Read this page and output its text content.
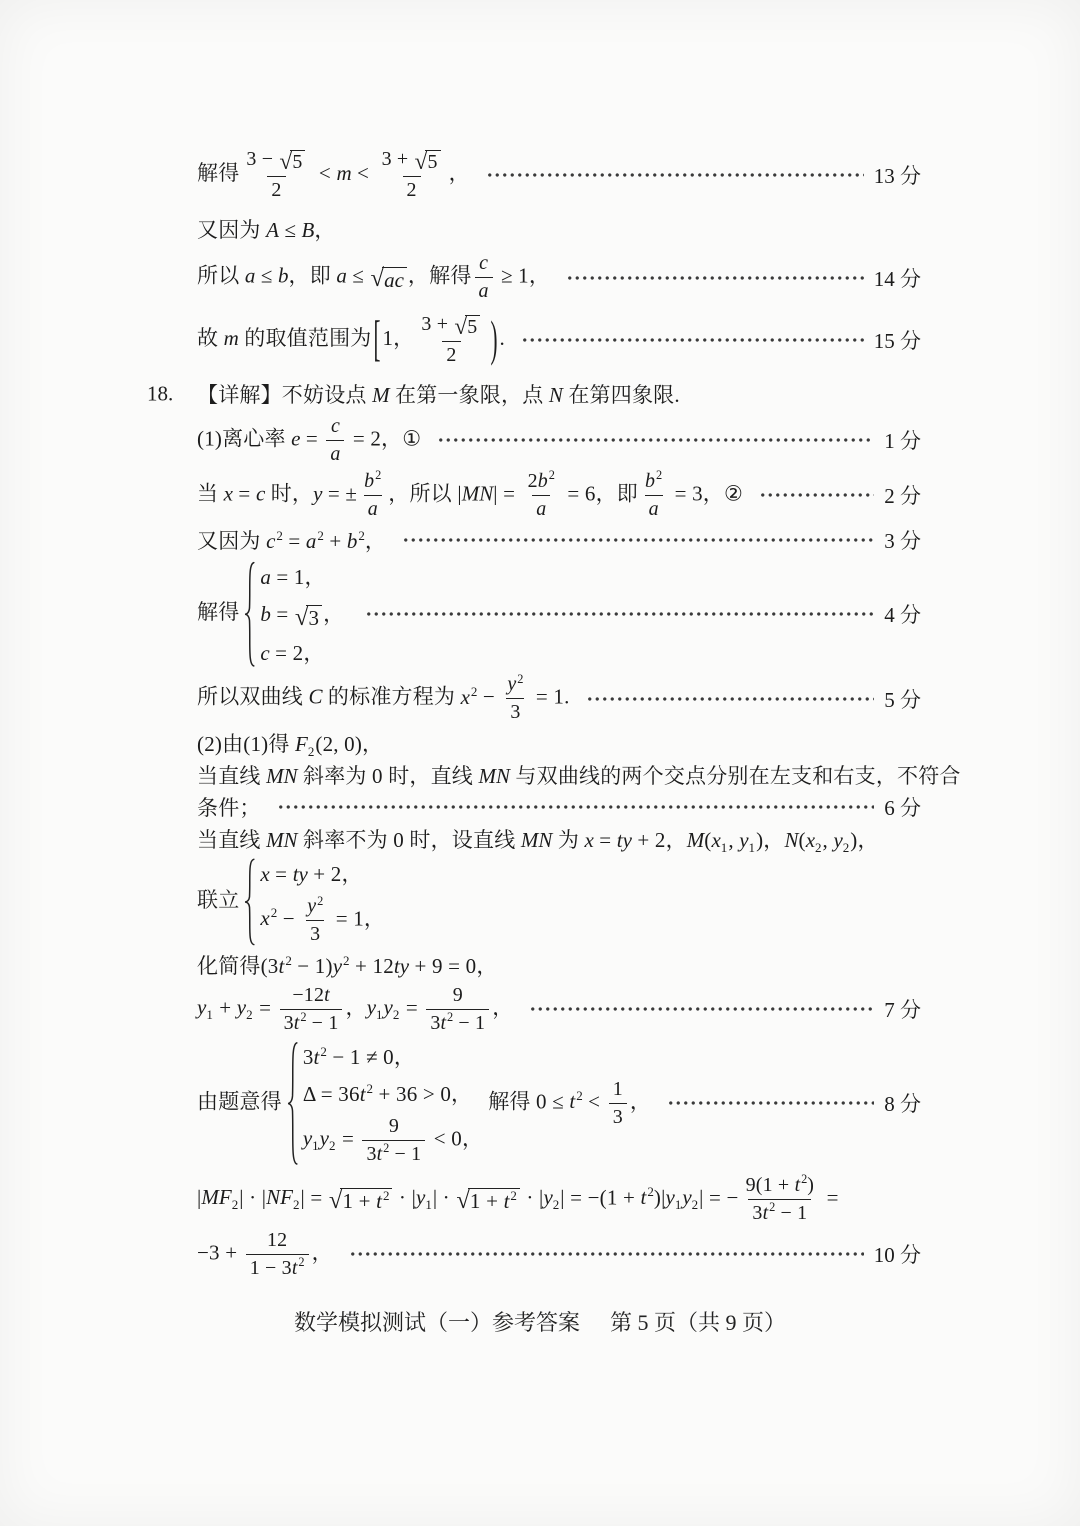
解得 $\frac{3 - √ 5}{2} < m < \frac{3 + √ 5}{2}$ ，	13 分
又因为 A ≤ B，
所以 a ≤ b，即 a ≤ √ ac ，解得 $\frac{c}{a} \ge 1$，	14 分
故 m 的取值范围为[1， $\frac{3 + √ 5}{2}$ ).	15 分
18. 【详解】不妨设点 M 在第一象限，点 N 在第四象限.
(1)离心率 $e = \frac{c}{a} = 2$，①	1 分
当 x = c 时，y = ± $\frac{b^2}{a}$ ，所以 $|MN| = \frac{2b^2}{a} = 6$，即 $\frac{b^2}{a} = 3$，②	2 分
又因为 $c^2 = a^2 + b^2$，	3 分
解得
a = 1，
b = √ 3 ，
c = 2，
4 分
所以双曲线 C 的标准方程为 $x^2 - \frac{y^2}{3} = 1$.	5 分
(2)由(1)得 $F_2(2$, 0)，
当直线 MN 斜率为 0 时，直线 MN 与双曲线的两个交点分别在左支和右支，不符合
条件；	6 分
当直线 MN 斜率不为 0 时，设直线 MN 为 x = ty + 2，$M(x_1$, $y_1$)，$N(x_2$, $y_2$)，
联立
x = ty + 2，
$x^2 - \frac{y^2}{3} = 1$，
化简得$(3t^2 - 1)y^2 + 12ty + 9 = 0$，
$y_1 + y_2 = \frac{-12t}{3t^2 - 1}$ ，$y_1y_2 = \frac{9}{3t^2 - 1}$ ，	7 分
由题意得
$3t^2 - 1 \ne 0$，
$\Delta = 36t^2 + 36 > 0$，
$y_1y_2 = \frac{9}{3t^2 - 1} < 0$，
解得 $0 \le t^2 < \frac{1}{3}$ ，	8 分
$|MF_2| \cdot |NF_2|$ = √ $1 + t^2 \cdot |y_1|$ · √ $1 + t^2 \cdot |y_2| = -(1 + t^2)|y_1y_2|$ = − $\frac{9(1 + t^2)}{3t^2 - 1}$ =
$-3 + \frac{12}{1 - 3t^2}$ ，	10 分
数学模拟测试（一）参考答案 第 5 页（共 9 页）
